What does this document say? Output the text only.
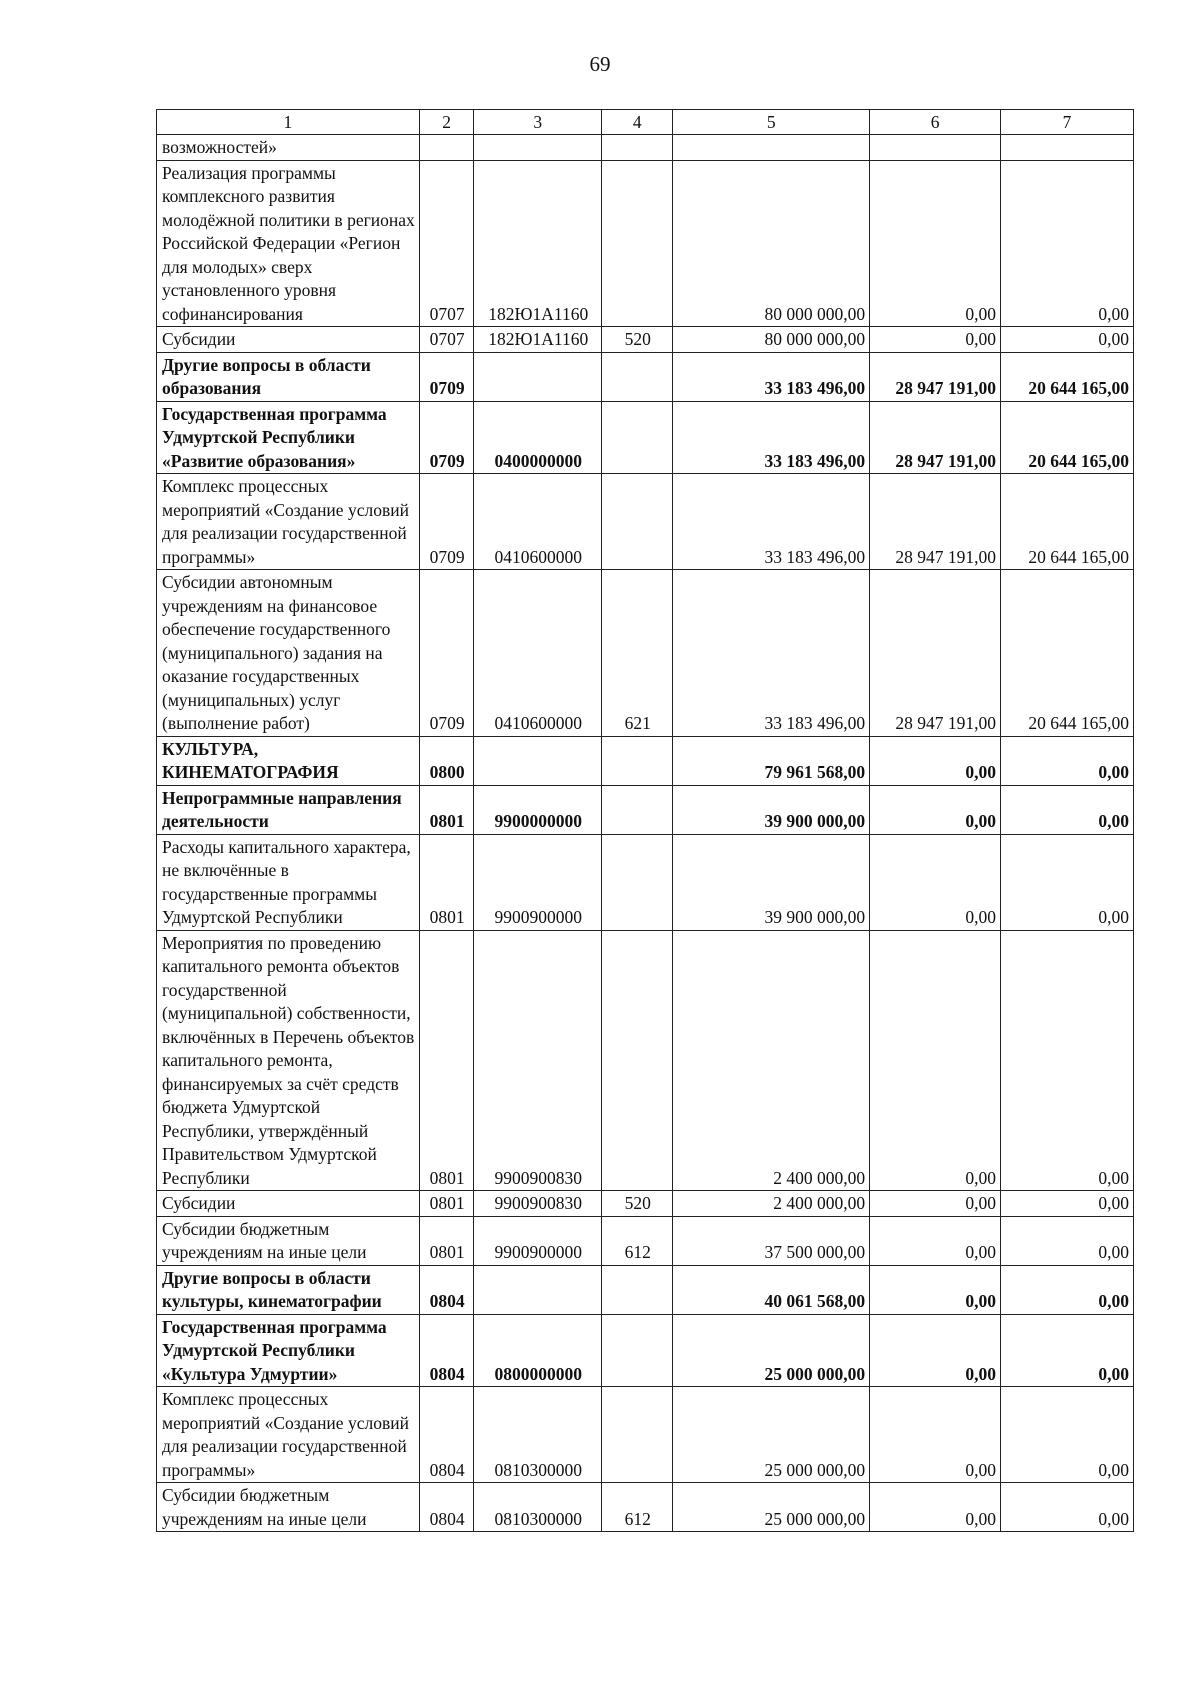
69
1	2	3	4	5	6	7
возможностей»						
Реализация программы комплексного развития молодёжной политики в регионах Российской Федерации «Регион для молодых» сверх установленного уровня софинансирования	0707	182Ю1А1160		80 000 000,00	0,00	0,00
Субсидии	0707	182Ю1А1160	520	80 000 000,00	0,00	0,00
Другие вопросы в области образования	0709			33 183 496,00	28 947 191,00	20 644 165,00
Государственная программа Удмуртской Республики «Развитие образования»	0709	0400000000		33 183 496,00	28 947 191,00	20 644 165,00
Комплекс процессных мероприятий «Создание условий для реализации государственной программы»	0709	0410600000		33 183 496,00	28 947 191,00	20 644 165,00
Субсидии автономным учреждениям на финансовое обеспечение государственного (муниципального) задания на оказание государственных (муниципальных) услуг (выполнение работ)	0709	0410600000	621	33 183 496,00	28 947 191,00	20 644 165,00
КУЛЬТУРА, КИНЕМАТОГРАФИЯ	0800			79 961 568,00	0,00	0,00
Непрограммные направления деятельности	0801	9900000000		39 900 000,00	0,00	0,00
Расходы капитального характера, не включённые в государственные программы Удмуртской Республики	0801	9900900000		39 900 000,00	0,00	0,00
Мероприятия по проведению капитального ремонта объектов государственной (муниципальной) собственности, включённых в Перечень объектов капитального ремонта, финансируемых за счёт средств бюджета Удмуртской Республики, утверждённый Правительством Удмуртской Республики	0801	9900900830		2 400 000,00	0,00	0,00
Субсидии	0801	9900900830	520	2 400 000,00	0,00	0,00
Субсидии бюджетным учреждениям на иные цели	0801	9900900000	612	37 500 000,00	0,00	0,00
Другие вопросы в области культуры, кинематографии	0804			40 061 568,00	0,00	0,00
Государственная программа Удмуртской Республики «Культура Удмуртии»	0804	0800000000		25 000 000,00	0,00	0,00
Комплекс процессных мероприятий «Создание условий для реализации государственной программы»	0804	0810300000		25 000 000,00	0,00	0,00
Субсидии бюджетным учреждениям на иные цели	0804	0810300000	612	25 000 000,00	0,00	0,00
